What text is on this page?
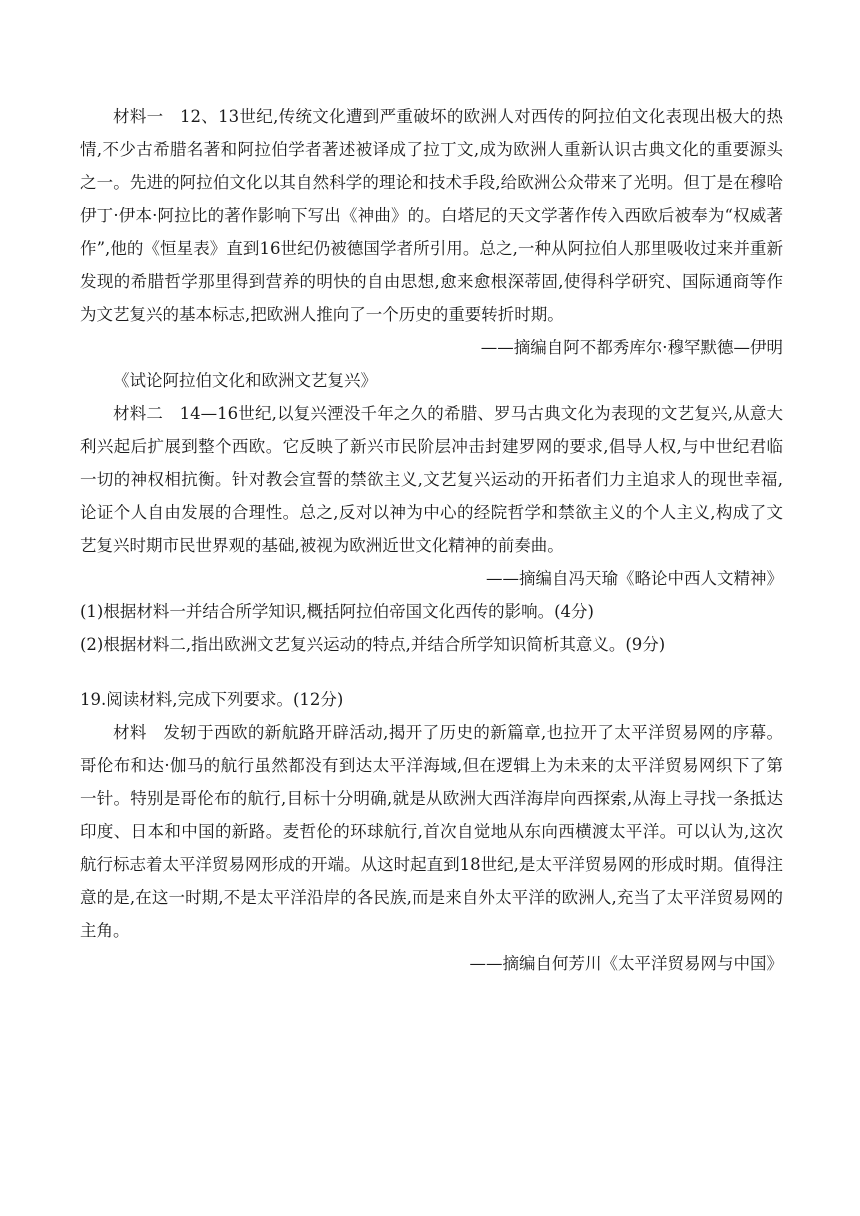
材料一 12、13世纪,传统文化遭到严重破坏的欧洲人对西传的阿拉伯文化表现出极大的热情,不少古希腊名著和阿拉伯学者著述被译成了拉丁文,成为欧洲人重新认识古典文化的重要源头之一。先进的阿拉伯文化以其自然科学的理论和技术手段,给欧洲公众带来了光明。但丁是在穆哈伊丁·伊本·阿拉比的著作影响下写出《神曲》的。白塔尼的天文学著作传入西欧后被奉为“权威著作”,他的《恒星表》直到16世纪仍被德国学者所引用。总之,一种从阿拉伯人那里吸收过来并重新发现的希腊哲学那里得到营养的明快的自由思想,愈来愈根深蒂固,使得科学研究、国际通商等作为文艺复兴的基本标志,把欧洲人推向了一个历史的重要转折时期。

——摘编自阿不都秀库尔·穆罕默德—伊明

《试论阿拉伯文化和欧洲文艺复兴》

材料二 14—16世纪,以复兴湮没千年之久的希腊、罗马古典文化为表现的文艺复兴,从意大利兴起后扩展到整个西欧。它反映了新兴市民阶层冲击封建罗网的要求,倡导人权,与中世纪君临一切的神权相抗衡。针对教会宣誓的禁欲主义,文艺复兴运动的开拓者们力主追求人的现世幸福,论证个人自由发展的合理性。总之,反对以神为中心的经院哲学和禁欲主义的个人主义,构成了文艺复兴时期市民世界观的基础,被视为欧洲近世文化精神的前奏曲。

——摘编自冯天瑜《略论中西人文精神》

(1)根据材料一并结合所学知识,概括阿拉伯帝国文化西传的影响。(4分)

(2)根据材料二,指出欧洲文艺复兴运动的特点,并结合所学知识简析其意义。(9分)

19.阅读材料,完成下列要求。(12分)

材料 发轫于西欧的新航路开辟活动,揭开了历史的新篇章,也拉开了太平洋贸易网的序幕。哥伦布和达·伽马的航行虽然都没有到达太平洋海域,但在逻辑上为未来的太平洋贸易网织下了第一针。特别是哥伦布的航行,目标十分明确,就是从欧洲大西洋海岸向西探索,从海上寻找一条抵达印度、日本和中国的新路。麦哲伦的环球航行,首次自觉地从东向西横渡太平洋。可以认为,这次航行标志着太平洋贸易网形成的开端。从这时起直到18世纪,是太平洋贸易网的形成时期。值得注意的是,在这一时期,不是太平洋沿岸的各民族,而是来自外太平洋的欧洲人,充当了太平洋贸易网的主角。

——摘编自何芳川《太平洋贸易网与中国》
